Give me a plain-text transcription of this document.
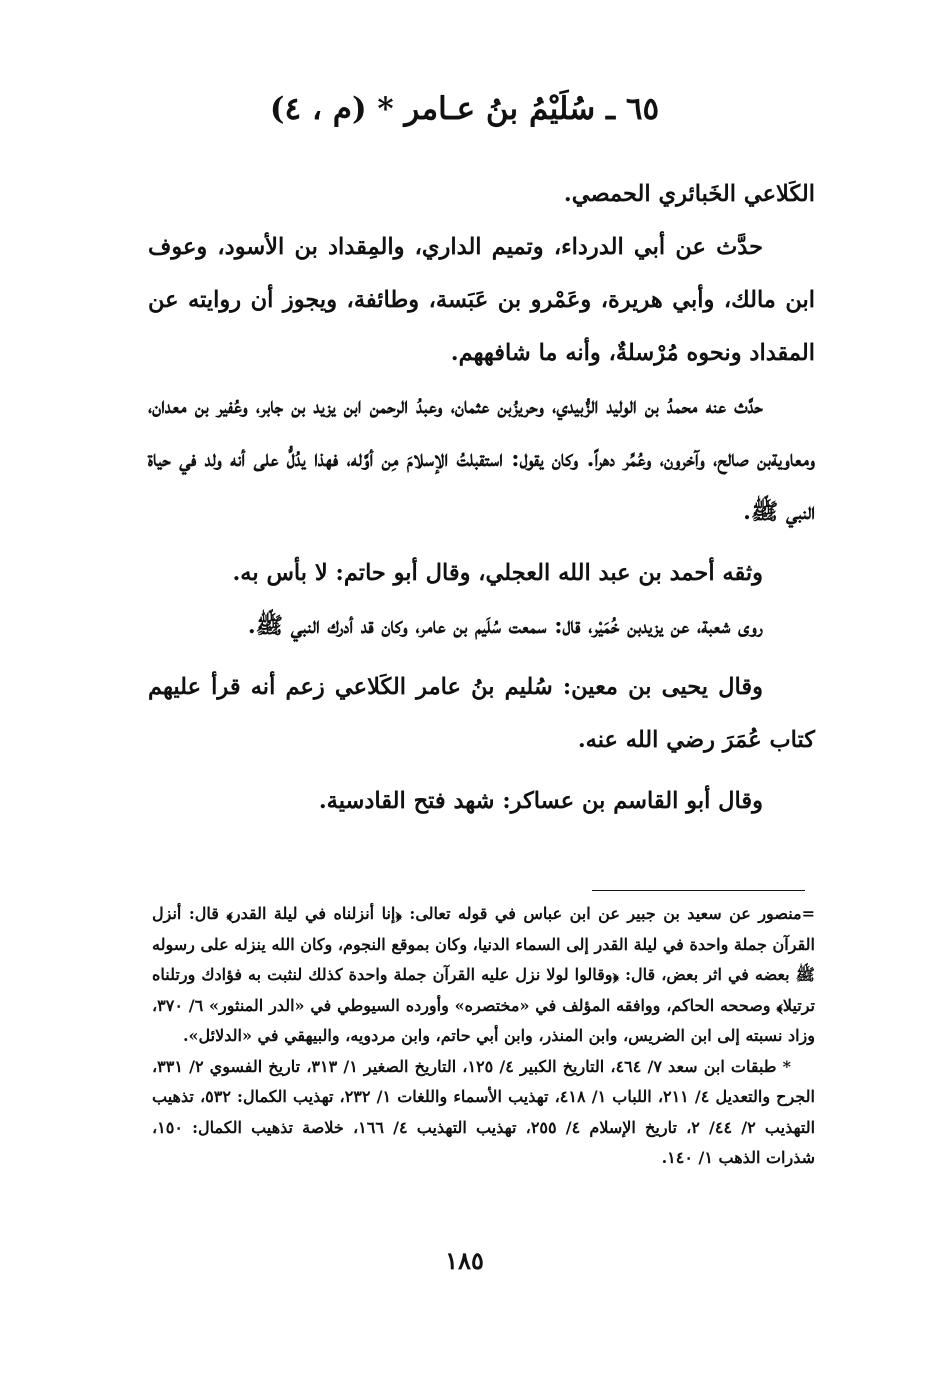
٦٥ ـ سُلَيْمُ بنُ عـامر * (م ، ٤)

الكَلاعي الخَبائري الحمصي.

حدَّث عن أبي الدرداء، وتميم الداري، والمِقداد بن الأسود، وعوف ابن مالك، وأبي هريرة، وعَمْرو بن عَبَسة، وطائفة، ويجوز أن روايته عن المقداد ونحوه مُرْسلةٌ، وأنه ما شافههم.

حدَّث عنه محمدُ بن الوليد الزُّبيدي، وحريزُبن عثمان، وعبدُ الرحمن ابن يزيد بن جابر، وعُفير بن معدان، ومعاويةبن صالح، وآخرون، وعُمِّر دهراً. وكان يقول: استقبلتُ الإسلامَ مِن أوَّله، فهذا يدُلُّ على أنه ولد في حياة النبي ﷺ.

وثقه أحمد بن عبد الله العجلي، وقال أبو حاتم: لا بأس به.

روى شعبة، عن يزيدبن خُمَيْر، قال: سمعت سُلَيم بن عامر، وكان قد أدرك النبي ﷺ.

وقال يحيى بن معين: سُليم بنُ عامر الكَلاعي زعم أنه قرأ عليهم كتاب عُمَرَ رضي الله عنه.

وقال أبو القاسم بن عساكر: شهد فتح القادسية.

=منصور عن سعيد بن جبير عن ابن عباس في قوله تعالى: ﴿إنا أنزلناه في ليلة القدر﴾ قال: أنزل القرآن جملة واحدة في ليلة القدر إلى السماء الدنيا، وكان بموقع النجوم، وكان الله ينزله على رسوله ﷺ بعضه في اثر بعض، قال: ﴿وقالوا لولا نزل عليه القرآن جملة واحدة كذلك لنثبت به فؤادك ورتلناه ترتيلا﴾ وصححه الحاكم، ووافقه المؤلف في «مختصره» وأورده السيوطي في «الدر المنثور» ٦/ ٣٧٠، وزاد نسبته إلى ابن الضريس، وابن المنذر، وابن أبي حاتم، وابن مردويه، والبيهقي في «الدلائل».

* طبقات ابن سعد ٧/ ٤٦٤، التاريخ الكبير ٤/ ١٢٥، التاريخ الصغير ١/ ٣١٣، تاريخ الفسوي ٢/ ٣٣١، الجرح والتعديل ٤/ ٢١١، اللباب ١/ ٤١٨، تهذيب الأسماء واللغات ١/ ٢٣٢، تهذيب الكمال: ٥٣٢، تذهيب التهذيب ٢/ ٤٤/ ٢، تاريخ الإسلام ٤/ ٢٥٥، تهذيب التهذيب ٤/ ١٦٦، خلاصة تذهيب الكمال: ١٥٠، شذرات الذهب ١/ ١٤٠.

١٨٥
